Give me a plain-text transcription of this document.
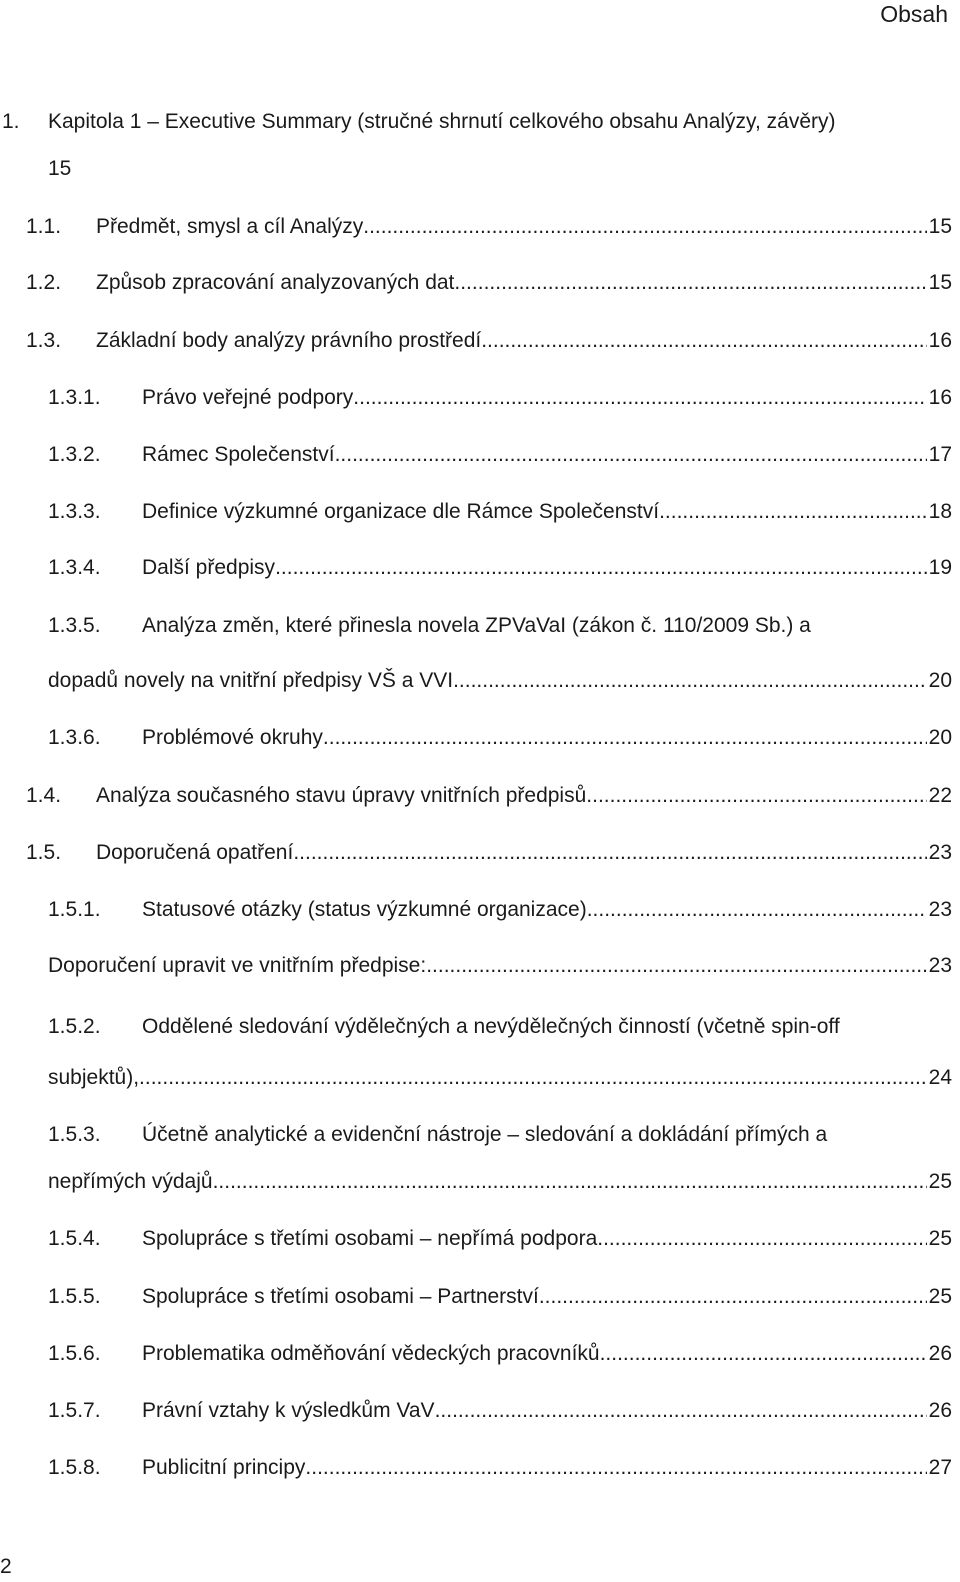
Obsah
1. Kapitola 1 – Executive Summary (stručné shrnutí celkového obsahu Analýzy, závěry)
15
1.1. Předmět, smysl a cíl Analýzy .....	15
1.2. Způsob zpracování analyzovaných dat .....	15
1.3. Základní body analýzy právního prostředí .....	16
1.3.1. Právo veřejné podpory .....	16
1.3.2. Rámec Společenství .....	17
1.3.3. Definice výzkumné organizace dle Rámce Společenství .....	18
1.3.4. Další předpisy .....	19
1.3.5. Analýza změn, které přinesla novela ZPVaVaI (zákon č. 110/2009 Sb.) a
dopadů novely na vnitřní předpisy VŠ a VVI .....	20
1.3.6. Problémové okruhy .....	20
1.4. Analýza současného stavu úpravy vnitřních předpisů .....	22
1.5. Doporučená opatření .....	23
1.5.1. Statusové otázky (status výzkumné organizace) .....	23
Doporučení upravit ve vnitřním předpise: .....	23
1.5.2. Oddělené sledování výdělečných a nevýdělečných činností (včetně spin-off
subjektů), .....	24
1.5.3. Účetně analytické a evidenční nástroje – sledování a dokládání přímých a
nepřímých výdajů .....	25
1.5.4. Spolupráce s třetími osobami – nepřímá podpora .....	25
1.5.5. Spolupráce s třetími osobami – Partnerství .....	25
1.5.6. Problematika odměňování vědeckých pracovníků .....	26
1.5.7. Právní vztahy k výsledkům VaV .....	26
1.5.8. Publicitní principy .....	27
2
